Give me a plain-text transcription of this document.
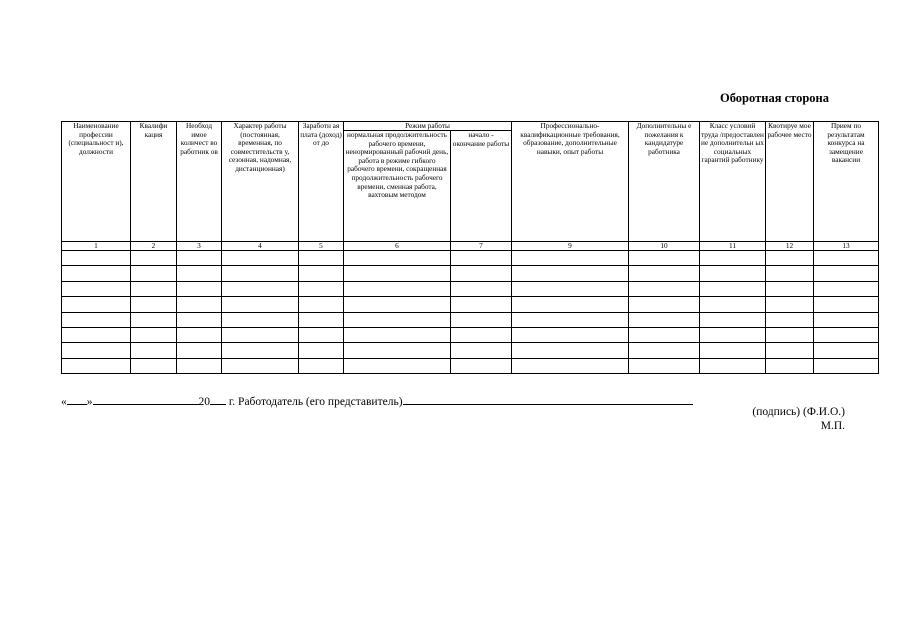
Оборотная сторона
Наименование профессии (специальност и), должности	Квалифи кация	Необход имое количест во работник ов	Характер работы (постоянная, временная, по совместительств у, сезонная, надомная, дистанционная)	Заработн ая плата (доход) от до	Режим работы		Профессионально-квалификационные требования, образование, дополнительные навыки, опыт работы	Дополнительны е пожелания к кандидатуре работника	Класс условий труда /предоставлен ие дополнительн ых социальных гарантий работнику	Квотируе мое рабочее место	Прием по результатам конкурса на замещение вакансии

					нормальная продолжительность рабочего времени, ненормированный рабочий день, работа в режиме гибкого рабочего времени, сокращенная продолжительность рабочего времени, сменная работа, вахтовым методом	начало - окончание работы					

1	2	3	4	5	6	7	9	10	11	12	13

« »	20 г. Работодатель (его представитель)
(подпись) (Ф.И.О.)
М.П.
